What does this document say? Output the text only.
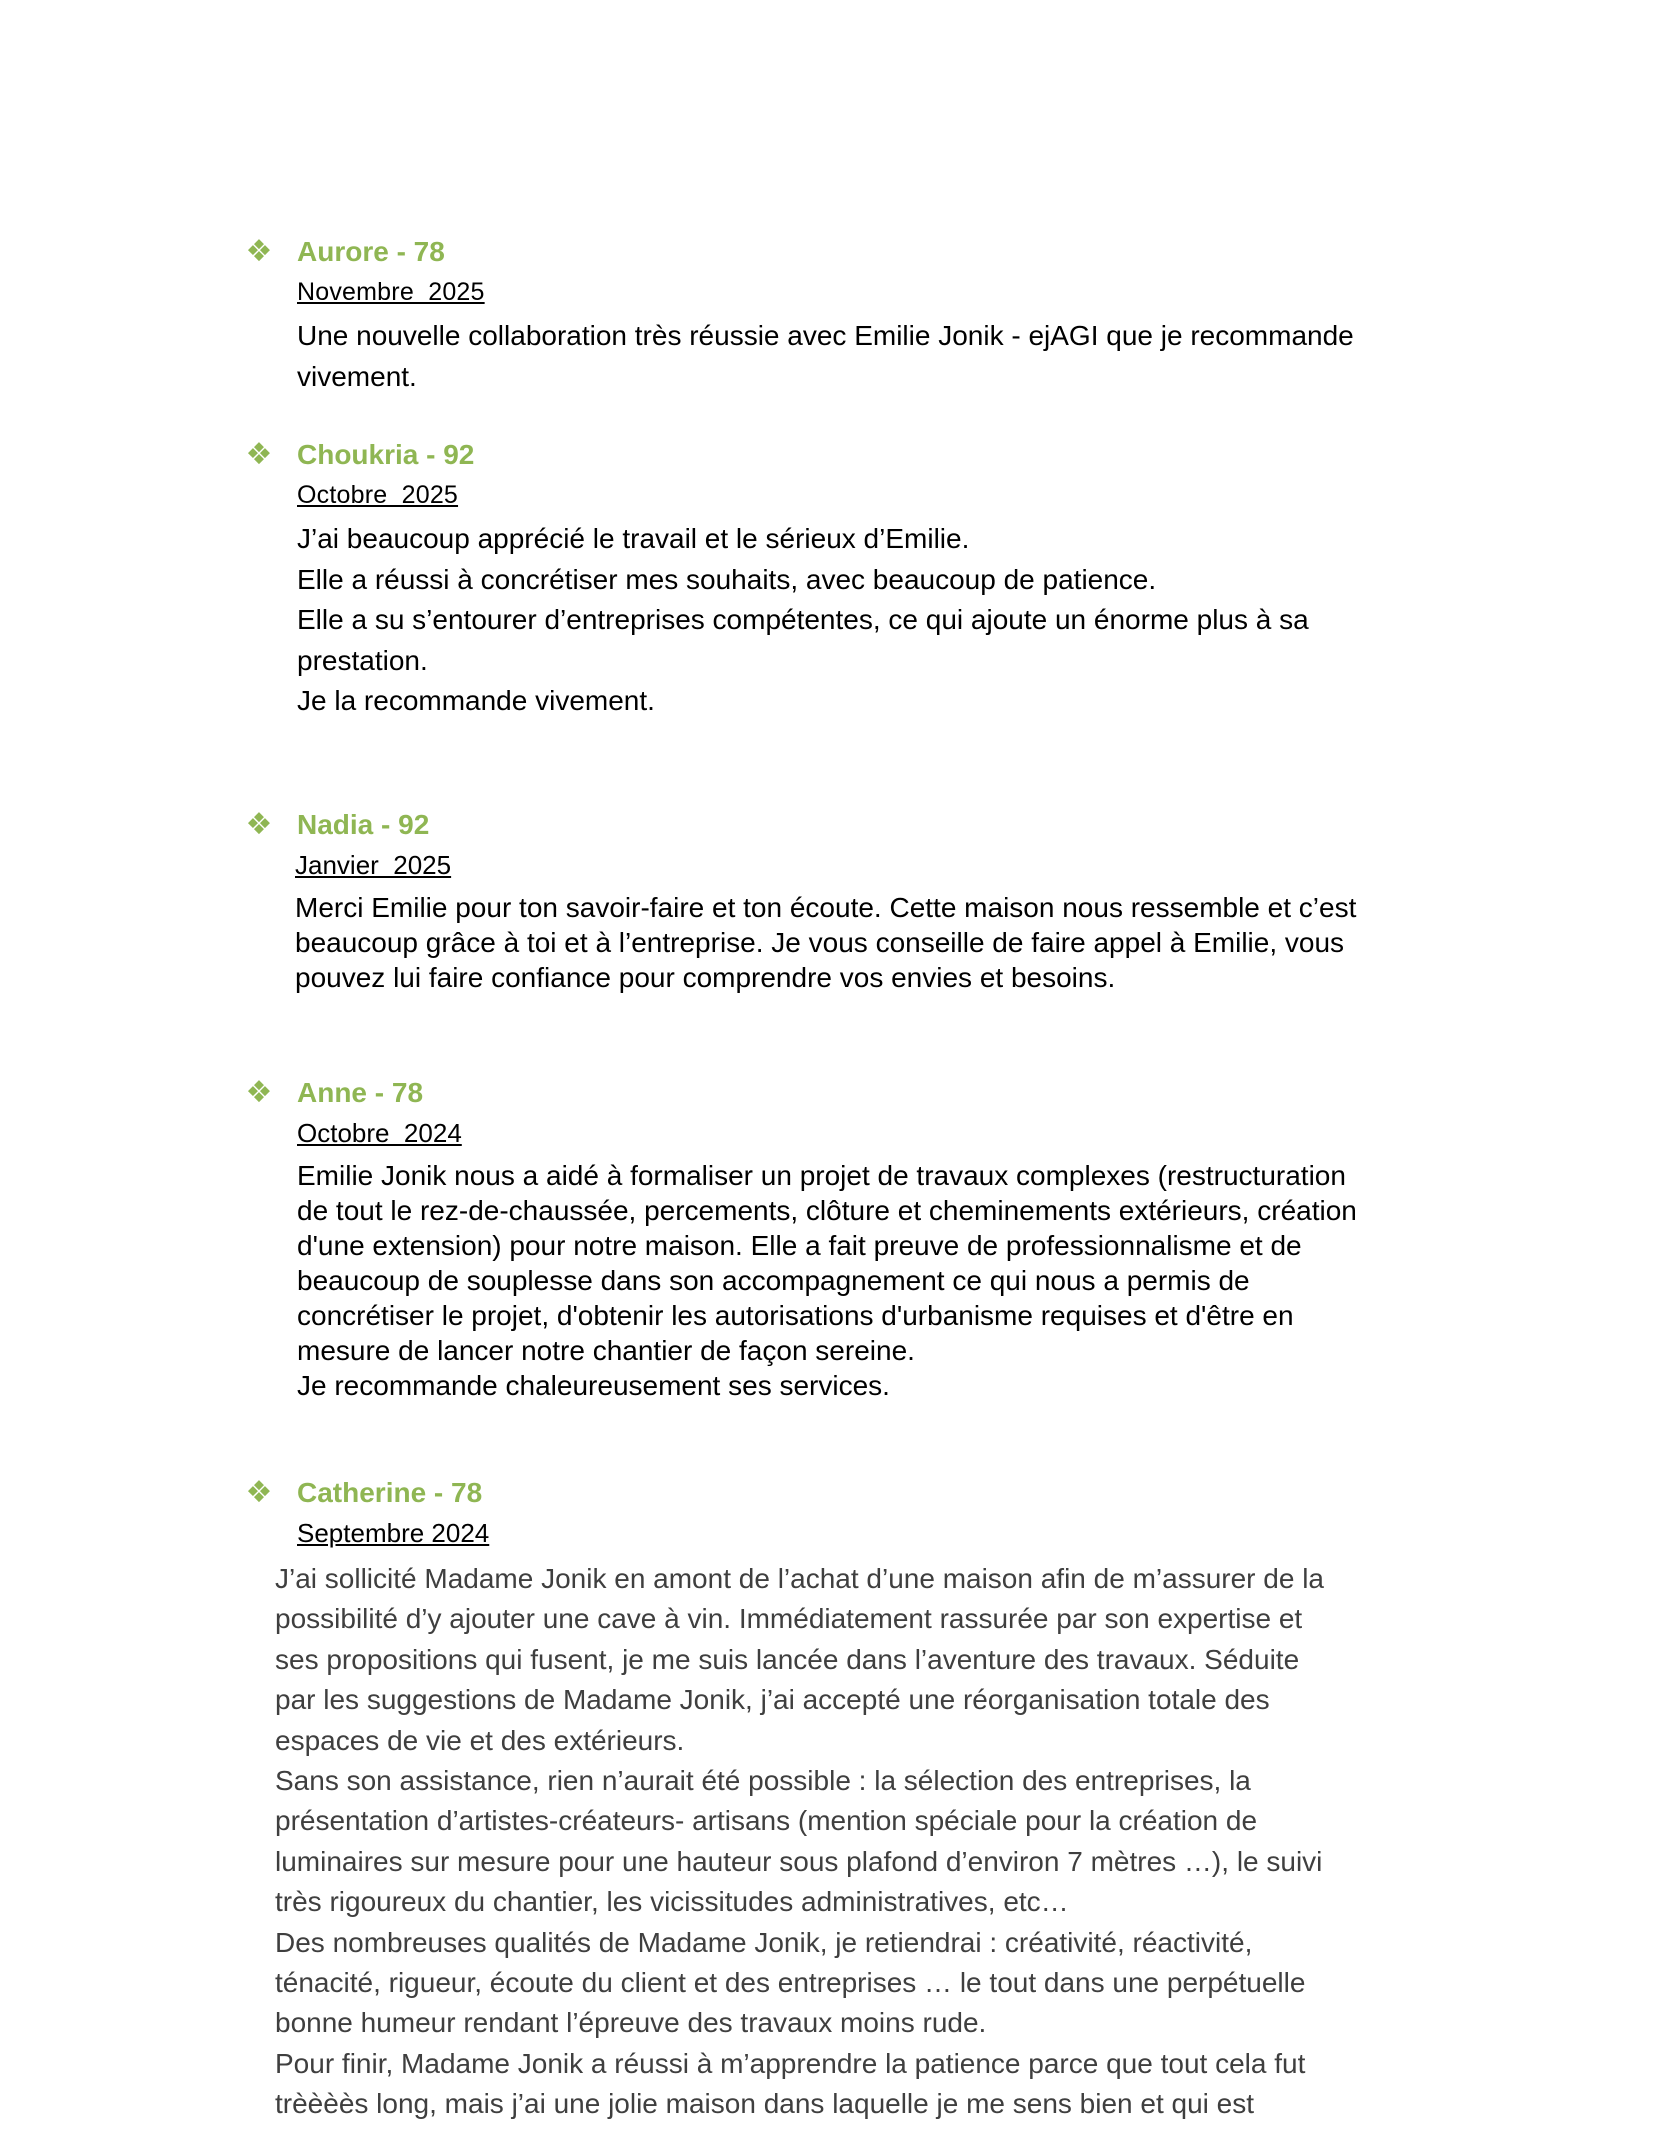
❖ Aurore - 78
Novembre  2025

Une nouvelle collaboration très réussie avec Emilie Jonik - ejAGI que je recommande

vivement.

❖ Choukria - 92
Octobre  2025

J’ai beaucoup apprécié le travail et le sérieux d’Emilie.

Elle a réussi à concrétiser mes souhaits, avec beaucoup de patience.

Elle a su s’entourer d’entreprises compétentes, ce qui ajoute un énorme plus à sa

prestation.

Je la recommande vivement.

❖ Nadia - 92
Janvier  2025

Merci Emilie pour ton savoir-faire et ton écoute. Cette maison nous ressemble et c’est

beaucoup grâce à toi et à l’entreprise. Je vous conseille de faire appel à Emilie, vous

pouvez lui faire confiance pour comprendre vos envies et besoins.

❖ Anne - 78
Octobre  2024

Emilie Jonik nous a aidé à formaliser un projet de travaux complexes (restructuration

de tout le rez-de-chaussée, percements, clôture et cheminements extérieurs, création

d'une extension) pour notre maison. Elle a fait preuve de professionnalisme et de

beaucoup de souplesse dans son accompagnement ce qui nous a permis de

concrétiser le projet, d'obtenir les autorisations d'urbanisme requises et d'être en

mesure de lancer notre chantier de façon sereine.

Je recommande chaleureusement ses services.

❖ Catherine - 78
Septembre 2024

J’ai sollicité Madame Jonik en amont de l’achat d’une maison afin de m’assurer de la

possibilité d’y ajouter une cave à vin. Immédiatement rassurée par son expertise et

ses propositions qui fusent, je me suis lancée dans l’aventure des travaux. Séduite

par les suggestions de Madame Jonik, j’ai accepté une réorganisation totale des

espaces de vie et des extérieurs.

Sans son assistance, rien n’aurait été possible : la sélection des entreprises, la

présentation d’artistes-créateurs- artisans (mention spéciale pour la création de

luminaires sur mesure pour une hauteur sous plafond d’environ 7 mètres …), le suivi

très rigoureux du chantier, les vicissitudes administratives, etc…

Des nombreuses qualités de Madame Jonik, je retiendrai : créativité, réactivité,

ténacité, rigueur, écoute du client et des entreprises … le tout dans une perpétuelle

bonne humeur rendant l’épreuve des travaux moins rude.

Pour finir, Madame Jonik a réussi à m’apprendre la patience parce que tout cela fut

trèèèès long, mais j’ai une jolie maison dans laquelle je me sens bien et qui est
